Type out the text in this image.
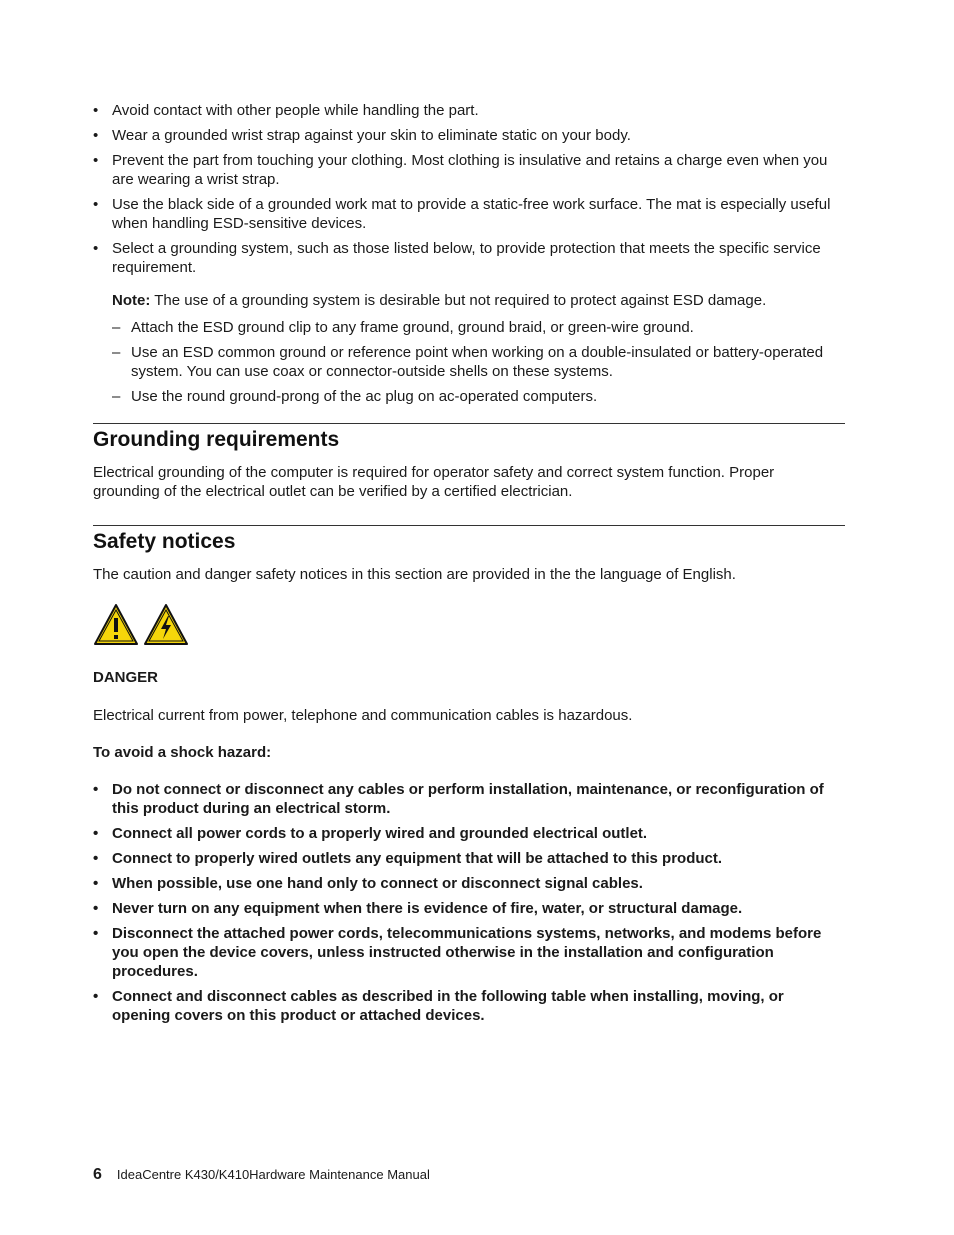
• Avoid contact with other people while handling the part.
• Wear a grounded wrist strap against your skin to eliminate static on your body.
• Prevent the part from touching your clothing. Most clothing is insulative and retains a charge even when you are wearing a wrist strap.
• Use the black side of a grounded work mat to provide a static-free work surface. The mat is especially useful when handling ESD-sensitive devices.
• Select a grounding system, such as those listed below, to provide protection that meets the specific service requirement.

Note: The use of a grounding system is desirable but not required to protect against ESD damage.

– Attach the ESD ground clip to any frame ground, ground braid, or green-wire ground.
– Use an ESD common ground or reference point when working on a double-insulated or battery-operated system. You can use coax or connector-outside shells on these systems.
– Use the round ground-prong of the ac plug on ac-operated computers.
Grounding requirements

Electrical grounding of the computer is required for operator safety and correct system function. Proper grounding of the electrical outlet can be verified by a certified electrician.

Safety notices

The caution and danger safety notices in this section are provided in the the language of English.

DANGER

Electrical current from power, telephone and communication cables is hazardous.

To avoid a shock hazard:

• Do not connect or disconnect any cables or perform installation, maintenance, or reconfiguration of this product during an electrical storm.
• Connect all power cords to a properly wired and grounded electrical outlet.
• Connect to properly wired outlets any equipment that will be attached to this product.
• When possible, use one hand only to connect or disconnect signal cables.
• Never turn on any equipment when there is evidence of fire, water, or structural damage.
• Disconnect the attached power cords, telecommunications systems, networks, and modems before you open the device covers, unless instructed otherwise in the installation and configuration procedures.
• Connect and disconnect cables as described in the following table when installing, moving, or opening covers on this product or attached devices.
6 IdeaCentre K430/K410Hardware Maintenance Manual
